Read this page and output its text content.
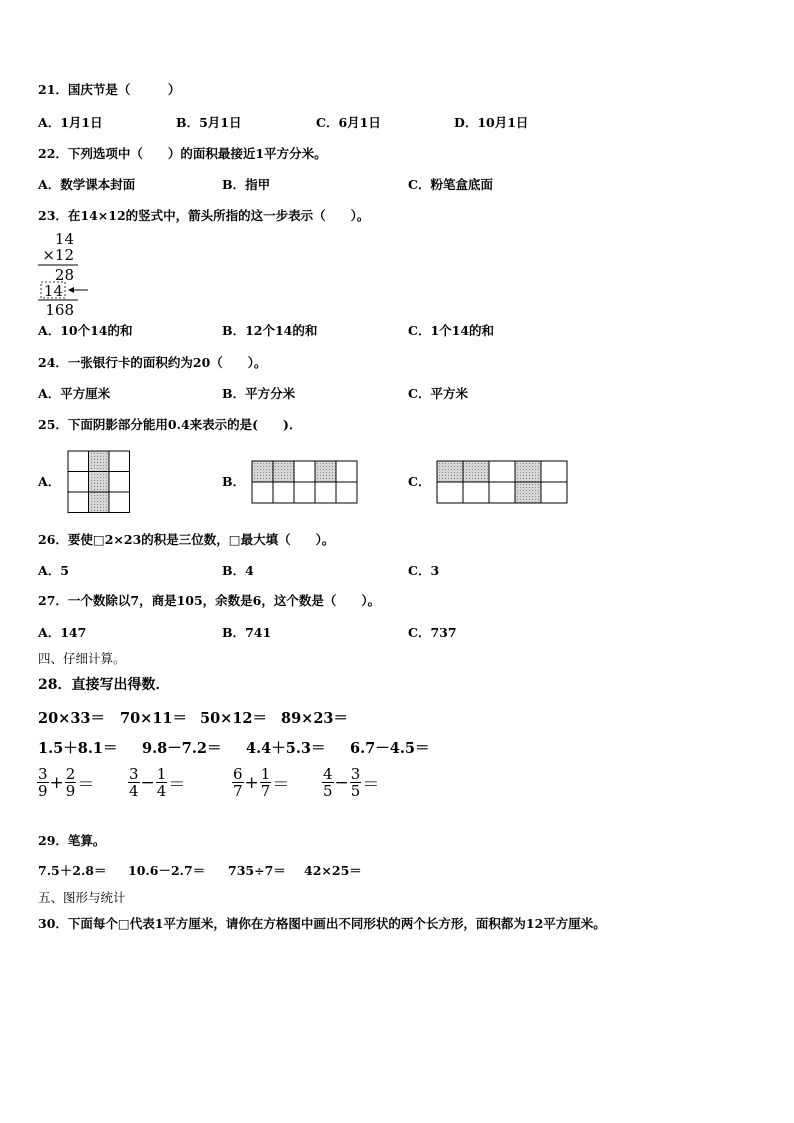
21．国庆节是（　　　）
A．1月1日	B．5月1日	C．6月1日	D．10月1日
22．下列选项中（　　）的面积最接近1平方分米。
A．数学课本封面	B．指甲	C．粉笔盒底面
23．在14×12的竖式中，箭头所指的这一步表示（　　）。
14
×12
28
14
168
A．10个14的和	B．12个14的和	C．1个14的和
24．一张银行卡的面积约为20（　　）。
A．平方厘米	B．平方分米	C．平方米
25．下面阴影部分能用0.4来表示的是(　　)．
A．	B．	C．
26．要使□2×23的积是三位数，□最大填（　　）。
A．5	B．4	C．3
27．一个数除以7，商是105，余数是6，这个数是（　　）。
A．147	B．741	C．737
四、仔细计算。
28．直接写出得数．
20×33＝ 70×11＝ 50×12＝ 89×23＝
1.5＋8.1＝ 9.8－7.2＝ 4.4＋5.3＝ 6.7－4.5＝
$\frac{3}{9} + \frac{2}{9} = \frac{3}{4} - \frac{1}{4}$ ＝	$\frac{6}{7} + \frac{1}{7} = \frac{4}{5} - \frac{3}{5}$ ＝
29．笔算。
7.5＋2.8＝ 10.6－2.7＝ 735÷7＝ 42×25＝
五、图形与统计
30．下面每个□代表1平方厘米，请你在方格图中画出不同形状的两个长方形，面积都为12平方厘米。
